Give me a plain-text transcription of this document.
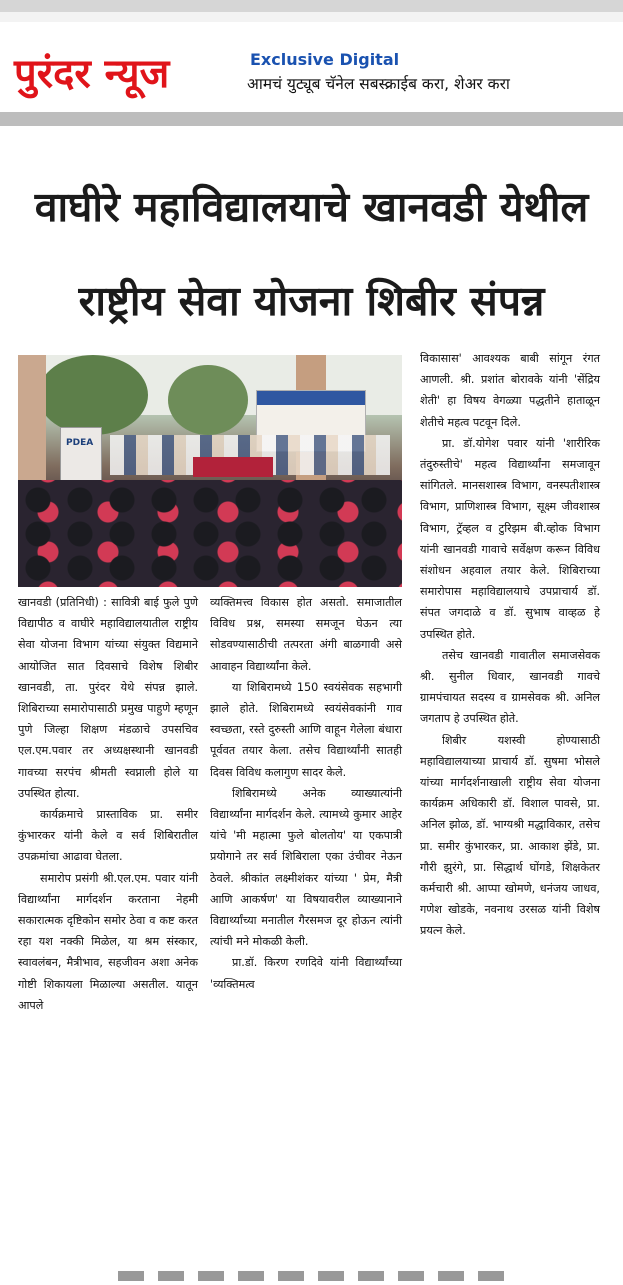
पुरंदर न्यूज	Exclusive Digital
आमचं युट्यूब चॅनेल सबस्क्राईब करा, शेअर करा
वाघीरे महाविद्यालयाचे खानवडी येथील
राष्ट्रीय सेवा योजना शिबीर संपन्न
PDEA

खानवडी (प्रतिनिधी) : सावित्री बाई फुले पुणे विद्यापीठ व वाघीरे महाविद्यालयातील राष्ट्रीय सेवा योजना विभाग यांच्या संयुक्त विद्यमाने आयोजित सात दिवसाचे विशेष शिबीर खानवडी, ता. पुरंदर येथे संपन्न झाले. शिबिराच्या समारोपासाठी प्रमुख पाहुणे म्हणून पुणे जिल्हा शिक्षण मंडळाचे उपसचिव एल.एम.पवार तर अध्यक्षस्थानी खानवडी गावच्या सरपंच श्रीमती स्वप्नाली होले या उपस्थित होत्या.

कार्यक्रमाचे प्रास्ताविक प्रा. समीर कुंभारकर यांनी केले व सर्व शिबिरातील उपक्रमांचा आढावा घेतला.

समारोप प्रसंगी श्री.एल.एम. पवार यांनी विद्यार्थ्यांना मार्गदर्शन करताना नेहमी सकारात्मक दृष्टिकोन समोर ठेवा व कष्ट करत रहा यश नक्की मिळेल, या श्रम संस्कार, स्वावलंबन, मैत्रीभाव, सहजीवन अशा अनेक गोष्टी शिकायला मिळाल्या असतील. यातून आपले

व्यक्तिमत्त्व विकास होत असतो. समाजातील विविध प्रश्न, समस्या समजून घेऊन त्या सोडवण्यासाठीची तत्परता अंगी बाळगावी असे आवाहन विद्यार्थ्यांना केले.

या शिबिरामध्ये 150 स्वयंसेवक सहभागी झाले होते. शिबिरामध्ये स्वयंसेवकांनी गाव स्वच्छता, रस्ते दुरुस्ती आणि वाहून गेलेला बंधारा पूर्ववत तयार केला. तसेच विद्यार्थ्यांनी सातही दिवस विविध कलागुण सादर केले.

शिबिरामध्ये अनेक व्याख्यात्यांनी विद्यार्थ्यांना मार्गदर्शन केले. त्यामध्ये कुमार आहेर यांचे 'मी महात्मा फुले बोलतोय' या एकपात्री प्रयोगाने तर सर्व शिबिराला एका उंचीवर नेऊन ठेवले. श्रीकांत लक्ष्मीशंकर यांच्या ' प्रेम, मैत्री आणि आकर्षण' या विषयावरील व्याख्यानाने विद्यार्थ्यांच्या मनातील गैरसमज दूर होऊन त्यांनी त्यांची मने मोकळी केली.

प्रा.डॉ. किरण रणदिवे यांनी विद्यार्थ्यांच्या 'व्यक्तिमत्व

विकासास' आवश्यक बाबी सांगून रंगत आणली. श्री. प्रशांत बोरावके यांनी 'सेंद्रिय शेती' हा विषय वेगळ्या पद्धतीने हाताळून शेतीचे महत्व पटवून दिले.

प्रा. डॉ.योगेश पवार यांनी 'शारीरिक तंदुरुस्तीचे' महत्व विद्यार्थ्यांना समजावून सांगितले. मानसशास्त्र विभाग, वनस्पतीशास्त्र विभाग, प्राणिशास्त्र विभाग, सूक्ष्म जीवशास्त्र विभाग, ट्रॅव्हल व टुरिझम बी.व्होक विभाग यांनी खानवडी गावाचे सर्वेक्षण करून विविध संशोधन अहवाल तयार केले. शिबिराच्या समारोपास महाविद्यालयाचे उपप्राचार्य डॉ. संपत जगदाळे व डॉ. सुभाष वाव्हळ हे उपस्थित होते.

तसेच खानवडी गावातील समाजसेवक श्री. सुनील धिवार, खानवडी गावचे ग्रामपंचायत सदस्य व ग्रामसेवक श्री. अनिल जगताप हे उपस्थित होते.

शिबीर यशस्वी होण्यासाठी महाविद्यालयाच्या प्राचार्य डॉ. सुषमा भोसले यांच्या मार्गदर्शनाखाली राष्ट्रीय सेवा योजना कार्यक्रम अधिकारी डॉ. विशाल पावसे, प्रा. अनिल झोळ, डॉ. भाग्यश्री मद्धाविकार, तसेच प्रा. समीर कुंभारकर, प्रा. आकाश झेंडे, प्रा. गौरी झुरंगे, प्रा. सिद्धार्थ घोंगडे, शिक्षकेतर कर्मचारी श्री. आप्पा खोमणे, धनंजय जाधव, गणेश खोडके, नवनाथ उरसळ यांनी विशेष प्रयत्न केले.
